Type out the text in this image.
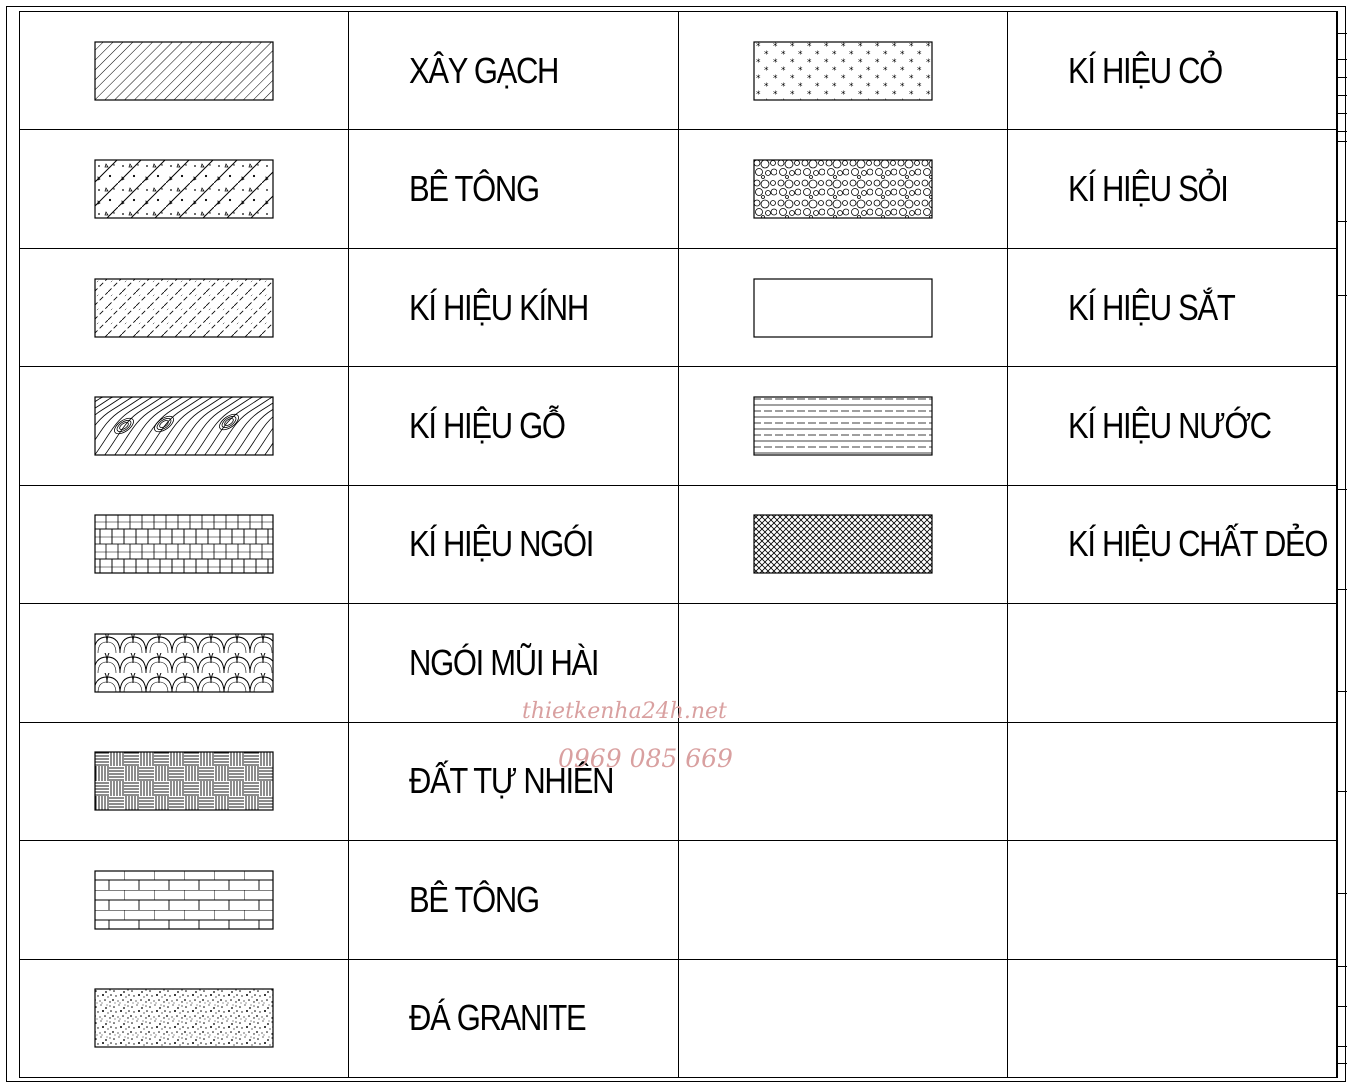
	XÂY GẠCH		KÍ HIỆU CỎ
	BÊ TÔNG		KÍ HIỆU SỎI
	KÍ HIỆU KÍNH		KÍ HIỆU SẮT
	KÍ HIỆU GỖ		KÍ HIỆU NƯỚC
	KÍ HIỆU NGÓI		KÍ HIỆU CHẤT DẺO
	NGÓI MŨI HÀI		
	ĐẤT TỰ NHIÊN		
	BÊ TÔNG		
	ĐÁ GRANITE		
thietkenha24h.net
0969 085 669
